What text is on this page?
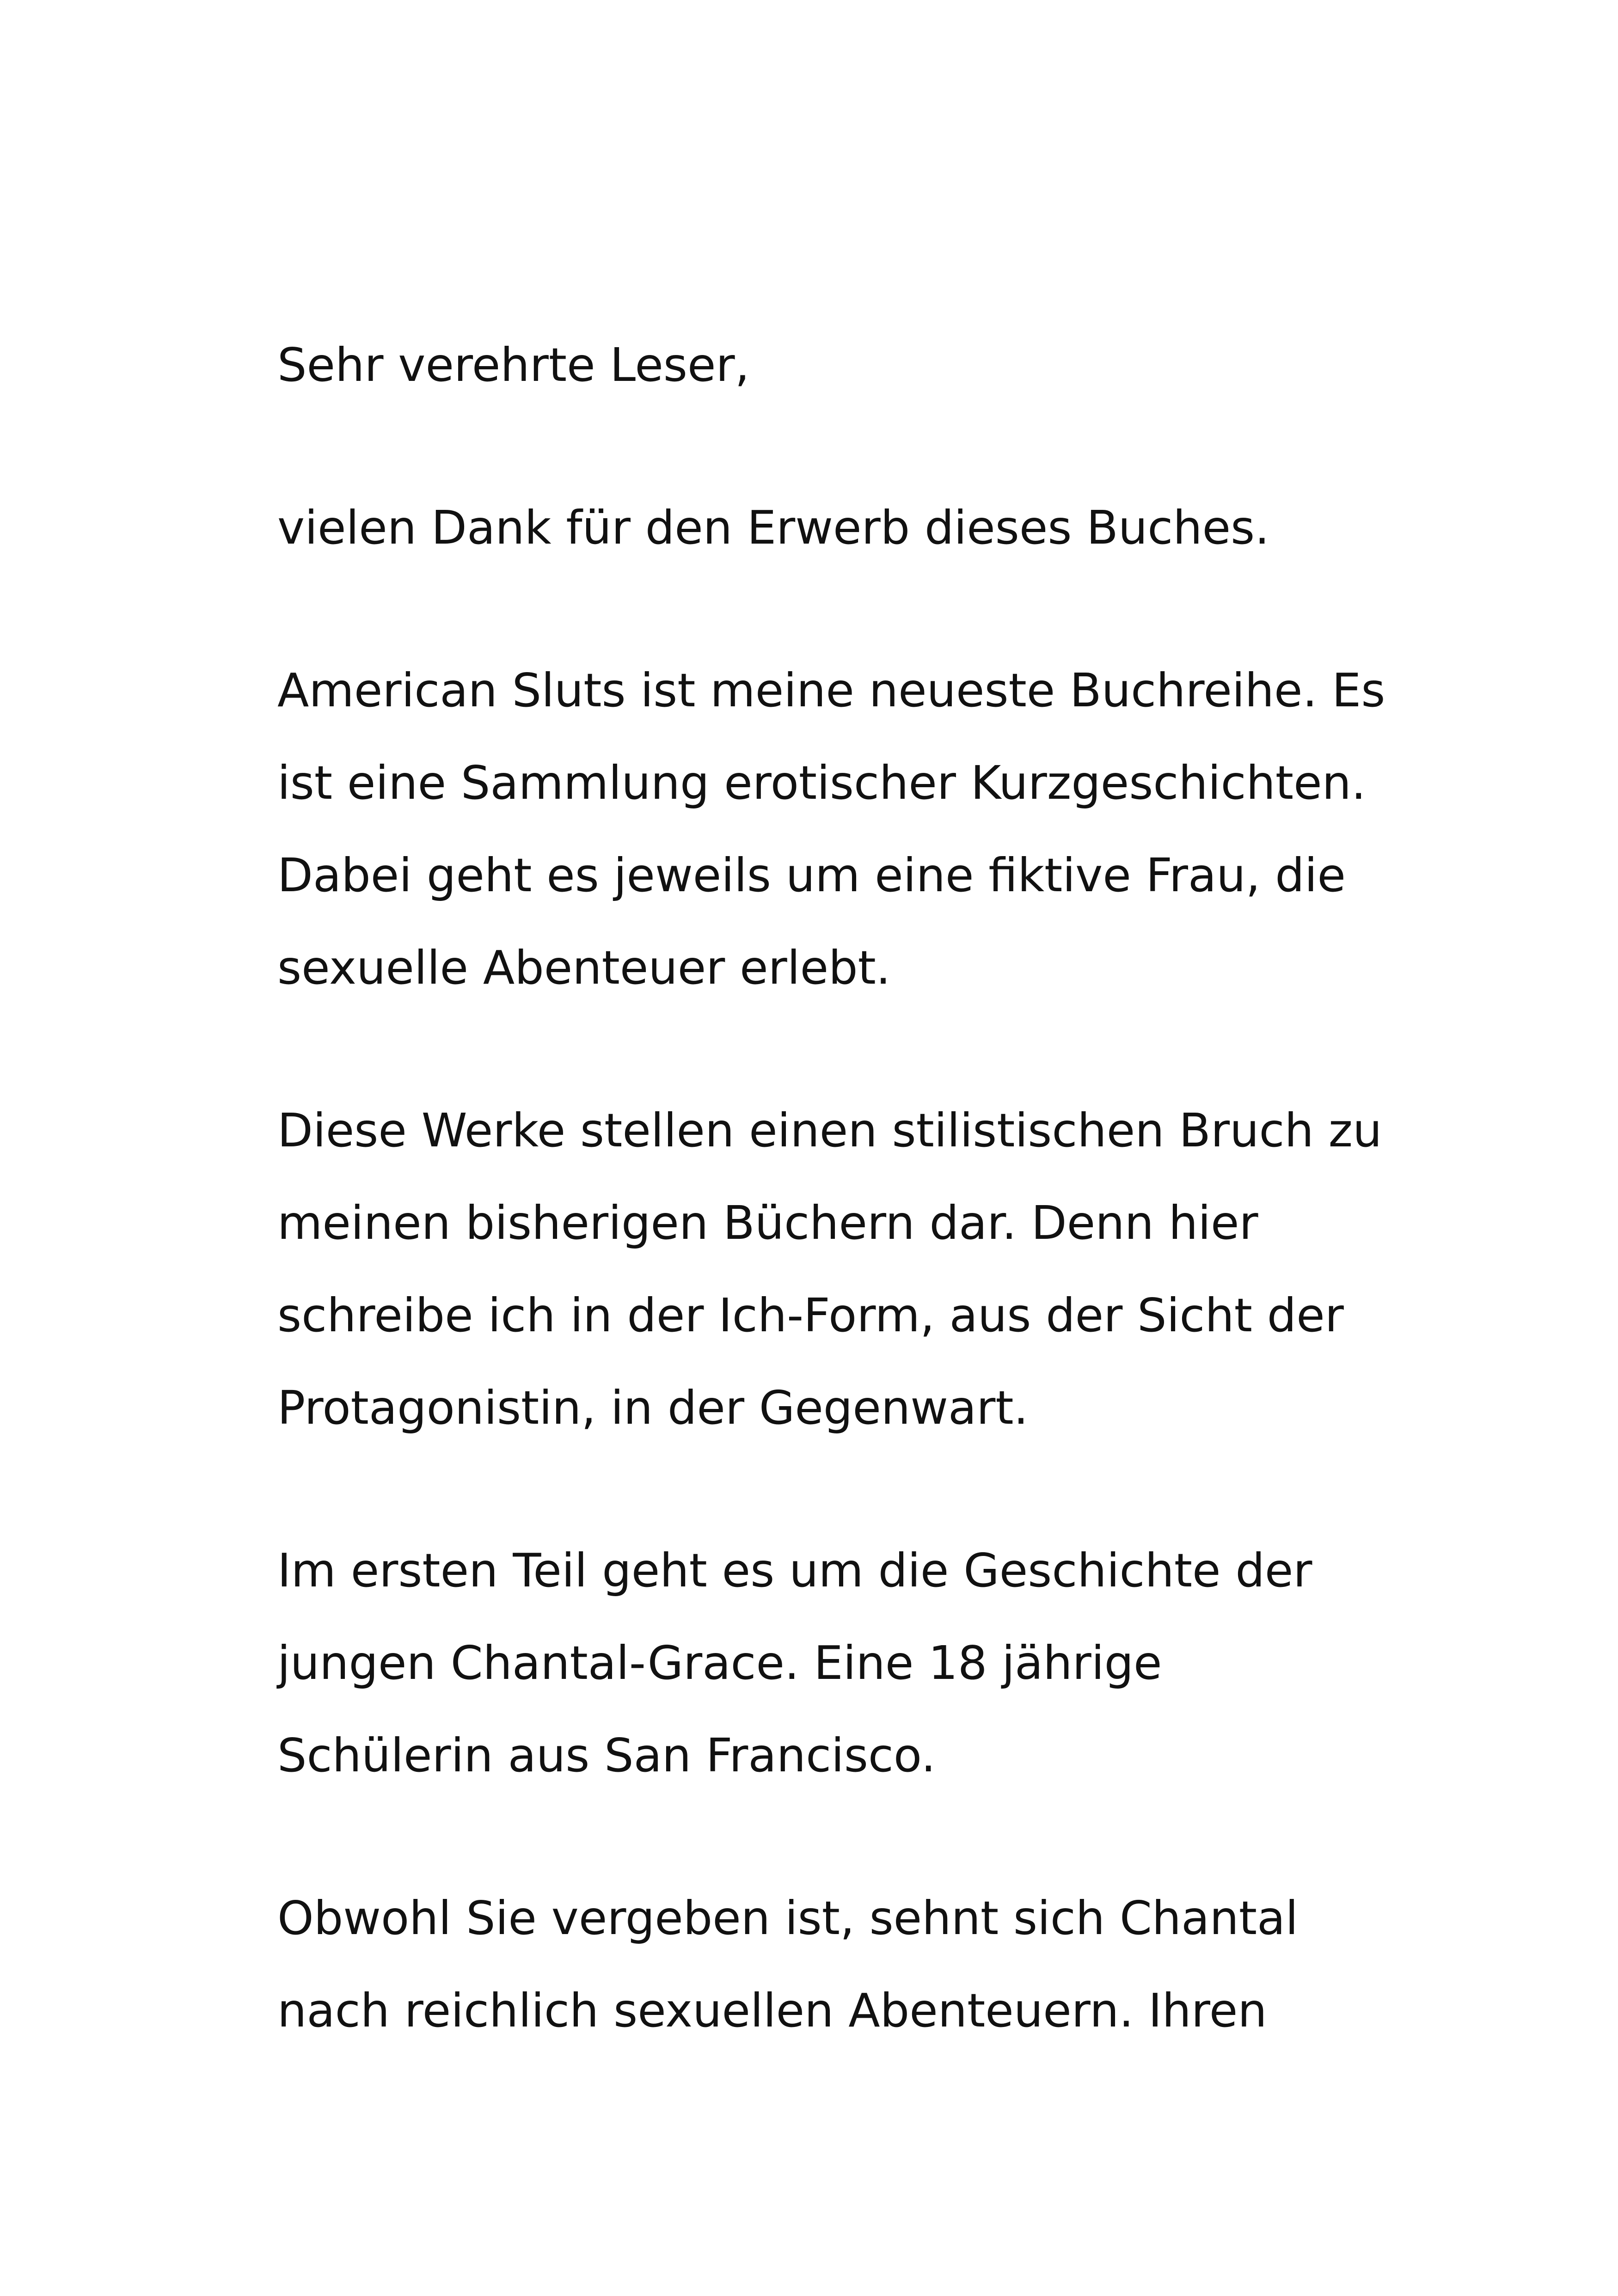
Sehr verehrte Leser,

vielen Dank für den Erwerb dieses Buches.

American Sluts ist meine neueste Buchreihe. Es
ist eine Sammlung erotischer Kurzgeschichten.
Dabei geht es jeweils um eine fiktive Frau, die
sexuelle Abenteuer erlebt.

Diese Werke stellen einen stilistischen Bruch zu
meinen bisherigen Büchern dar. Denn hier
schreibe ich in der Ich-Form, aus der Sicht der
Protagonistin, in der Gegenwart.

Im ersten Teil geht es um die Geschichte der
jungen Chantal-Grace. Eine 18 jährige
Schülerin aus San Francisco.

Obwohl Sie vergeben ist, sehnt sich Chantal
nach reichlich sexuellen Abenteuern. Ihren
